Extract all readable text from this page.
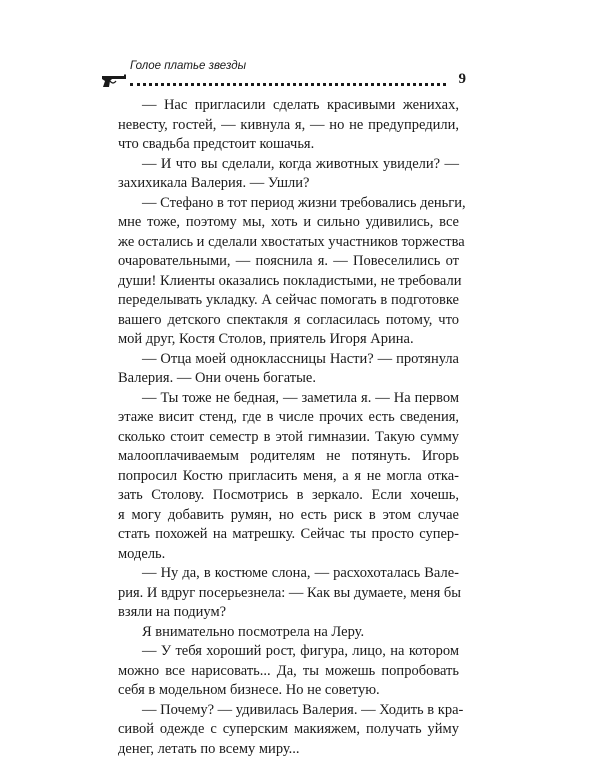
Голое платье звезды
9
— Нас пригласили сделать красивыми женихах,
невесту, гостей, — кивнула я, — но не предупредили,
что свадьба предстоит кошачья.
— И что вы сделали, когда животных увидели? —
захихикала Валерия. — Ушли?
— Стефано в тот период жизни требовались деньги,
мне тоже, поэтому мы, хоть и сильно удивились, все
же остались и сделали хвостатых участников торжества
очаровательными, — пояснила я. — Повеселились от
души! Клиенты оказались покладистыми, не требовали
переделывать укладку. А сейчас помогать в подготовке
вашего детского спектакля я согласилась потому, что
мой друг, Костя Столов, приятель Игоря Арина.
— Отца моей одноклассницы Насти? — протянула
Валерия. — Они очень богатые.
— Ты тоже не бедная, — заметила я. — На первом
этаже висит стенд, где в числе прочих есть сведения,
сколько стоит семестр в этой гимназии. Такую сумму
малооплачиваемым родителям не потянуть. Игорь
попросил Костю пригласить меня, а я не могла отка-
зать Столову. Посмотрись в зеркало. Если хочешь,
я могу добавить румян, но есть риск в этом случае
стать похожей на матрешку. Сейчас ты просто супер-
модель.
— Ну да, в костюме слона, — расхохоталась Вале-
рия. И вдруг посерьезнела: — Как вы думаете, меня бы
взяли на подиум?
Я внимательно посмотрела на Леру.
— У тебя хороший рост, фигура, лицо, на котором
можно все нарисовать... Да, ты можешь попробовать
себя в модельном бизнесе. Но не советую.
— Почему? — удивилась Валерия. — Ходить в кра-
сивой одежде с суперским макияжем, получать уйму
денег, летать по всему миру...
